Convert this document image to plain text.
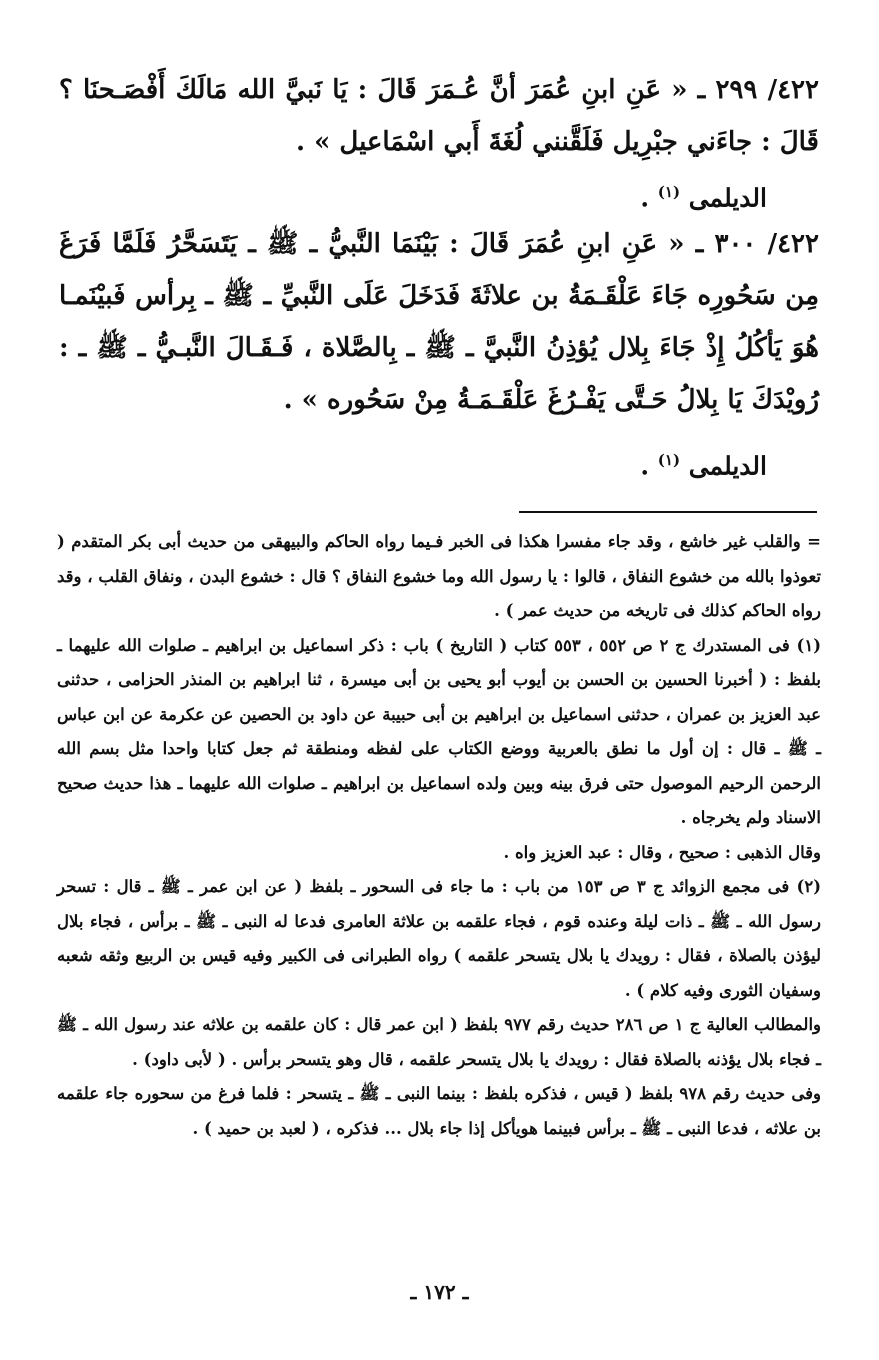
٤٢٢/ ٢٩٩ ـ « عَنِ ابنِ عُمَرَ أنَّ عُـمَرَ قَالَ : يَا نَبيَّ الله مَالَكَ أَفْصَـحنَا ؟ قَالَ : جاءَني جبْرِيل فَلَقَّنني لُغَةَ أَبي اسْمَاعيل » .

الديلمى $^{(١)}$ .

٤٢٢/ ٣٠٠ ـ « عَنِ ابنِ عُمَرَ قَالَ : بَيْنَمَا النَّبيُّ ـ ﷺ ـ يَتَسَحَّرُ فَلَمَّا فَرَغَ مِن سَحُورِه جَاءَ عَلْقَـمَةُ بن علاثَةَ فَدَخَلَ عَلَى النَّبيِّ ـ ﷺ ـ بِرأس فَبيْنَمـا هُوَ يَأكُلُ إِذْ جَاءَ بِلال يُؤذِنُ النَّبيَّ ـ ﷺ ـ بِالصَّلاة ، فَـقَـالَ النَّبـيُّ ـ ﷺ ـ : رُويْدَكَ يَا بِلالُ حَـتَّى يَفْـرُغَ عَلْقَـمَـةُ مِنْ سَحُوره » .

الديلمى $^{(١)}$ .

= والقلب غير خاشع ، وقد جاء مفسرا هكذا فى الخبر فـيما رواه الحاكم والبيهقى من حديث أبى بكر المتقدم ( تعوذوا بالله من خشوع النفاق ، قالوا : يا رسول الله وما خشوع النفاق ؟ قال : خشوع البدن ، ونفاق القلب ، وقد رواه الحاكم كذلك فى تاريخه من حديث عمر ) .

(١) فى المستدرك ج ٢ ص ٥٥٢ ، ٥٥٣ كتاب ( التاريخ ) باب : ذكر اسماعيل بن ابراهيم ـ صلوات الله عليهما ـ بلفظ : ( أخبرنا الحسين بن الحسن بن أيوب أبو يحيى بن أبى ميسرة ، ثنا ابراهيم بن المنذر الحزامى ، حدثنى عبد العزيز بن عمران ، حدثنى اسماعيل بن ابراهيم بن أبى حبيبة عن داود بن الحصين عن عكرمة عن ابن عباس ـ ﷺ ـ قال : إن أول ما نطق بالعربية ووضع الكتاب على لفظه ومنطقة ثم جعل كتابا واحدا مثل بسم الله الرحمن الرحيم الموصول حتى فرق بينه وبين ولده اسماعيل بن ابراهيم ـ صلوات الله عليهما ـ هذا حديث صحيح الاسناد ولم يخرجاه .

وقال الذهبى : صحيح ، وقال : عبد العزيز واه .

(٢) فى مجمع الزوائد ج ٣ ص ١٥٣ من باب : ما جاء فى السحور ـ بلفظ ( عن ابن عمر ـ ﷺ ـ قال : تسحر رسول الله ـ ﷺ ـ ذات ليلة وعنده قوم ، فجاء علقمه بن علاثة العامرى فدعا له النبى ـ ﷺ ـ برأس ، فجاء بلال ليؤذن بالصلاة ، فقال : رويدك يا بلال يتسحر علقمه ) رواه الطبرانى فى الكبير وفيه قيس بن الربيع وثقه شعبه وسفيان الثورى وفيه كلام ) .

والمطالب العالية ج ١ ص ٢٨٦ حديث رقم ٩٧٧ بلفظ ( ابن عمر قال : كان علقمه بن علاثه عند رسول الله ـ ﷺ ـ فجاء بلال يؤذنه بالصلاة فقال : رويدك يا بلال يتسحر علقمه ، قال وهو يتسحر برأس . ( لأبى داود) .

وفى حديث رقم ٩٧٨ بلفظ ( قيس ، فذكره بلفظ : بينما النبى ـ ﷺ ـ يتسحر : فلما فرغ من سحوره جاء علقمه بن علاثه ، فدعا النبى ـ ﷺ ـ برأس فبينما هويأكل إذا جاء بلال ... فذكره ، ( لعبد بن حميد ) .

ـ ١٧٢ ـ
